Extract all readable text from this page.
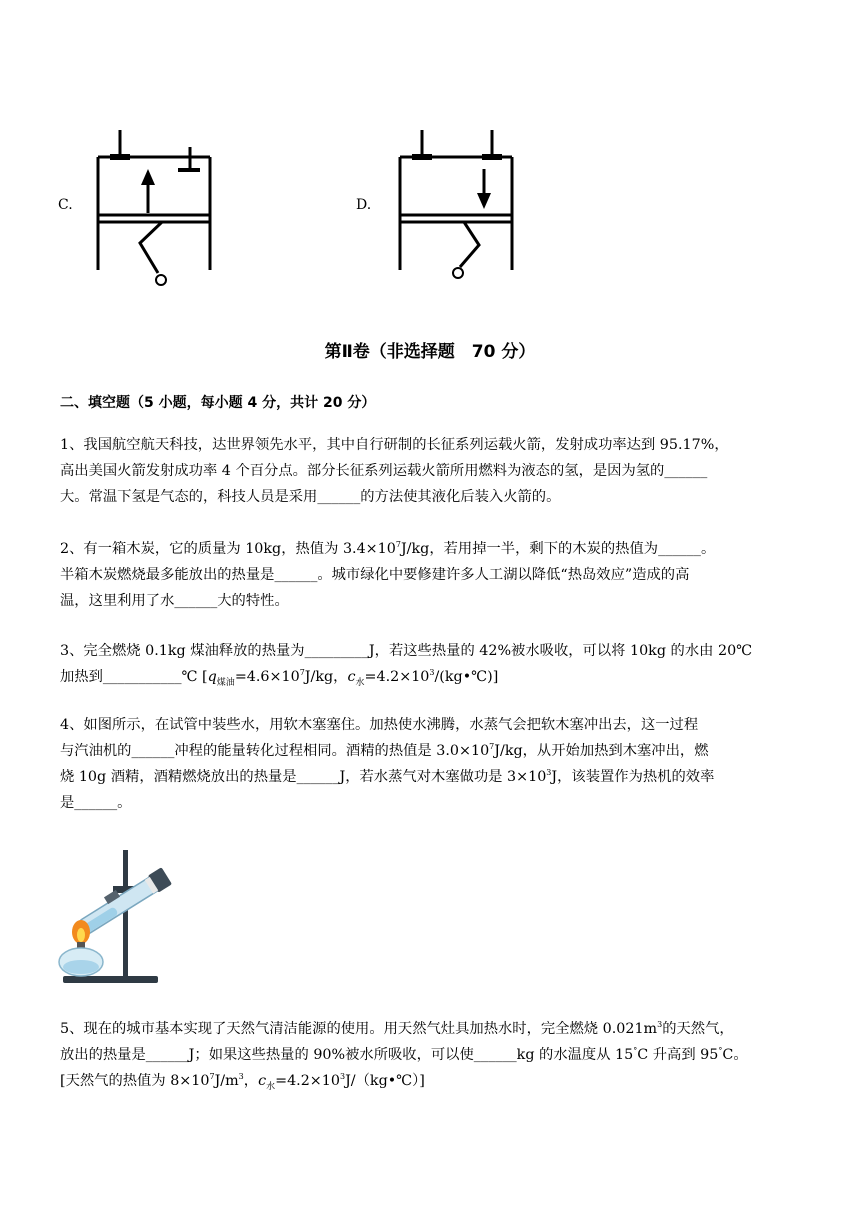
C.	D.
第Ⅱ卷（非选择题　70 分）
二、填空题（5 小题，每小题 4 分，共计 20 分）

1、我国航空航天科技，达世界领先水平，其中自行研制的长征系列运载火箭，发射成功率达到 95.17%，

高出美国火箭发射成功率 4 个百分点。部分长征系列运载火箭所用燃料为液态的氢，是因为氢的______

大。常温下氢是气态的，科技人员是采用______的方法使其液化后装入火箭的。

2、有一箱木炭，它的质量为 10kg，热值为 $3.4\times 10^7J/kg$，若用掉一半，剩下的木炭的热值为______。

半箱木炭燃烧最多能放出的热量是______。城市绿化中要修建许多人工湖以降低“热岛效应”造成的高

温，这里利用了水______大的特性。

3、完全燃烧 0.1kg 煤油释放的热量为_________J，若这些热量的 42%被水吸收，可以将 10kg 的水由 20℃

加热到___________℃ [$q_{煤油}=4.6\times 10^7J/kg$，$c_水=4.2\times 10^3/(kg•℃)$]

4、如图所示，在试管中装些水，用软木塞塞住。加热使水沸腾，水蒸气会把软木塞冲出去，这一过程

与汽油机的______冲程的能量转化过程相同。酒精的热值是 $3.0\times 10^7J/kg$，从开始加热到木塞冲出，燃

烧 10g 酒精，酒精燃烧放出的热量是______J，若水蒸气对木塞做功是 $3\times 10^3J$，该装置作为热机的效率

是______。

5、现在的城市基本实现了天然气清洁能源的使用。用天然气灶具加热水时，完全燃烧 $0.021m^3$的天然气，

放出的热量是______J；如果这些热量的 90%被水所吸收，可以使______kg 的水温度从 15°C 升高到 95°C。

[天然气的热值为 $8\times 10^7J/m^3$，$c_水=4.2\times 10^3J/(kg•℃)$]
